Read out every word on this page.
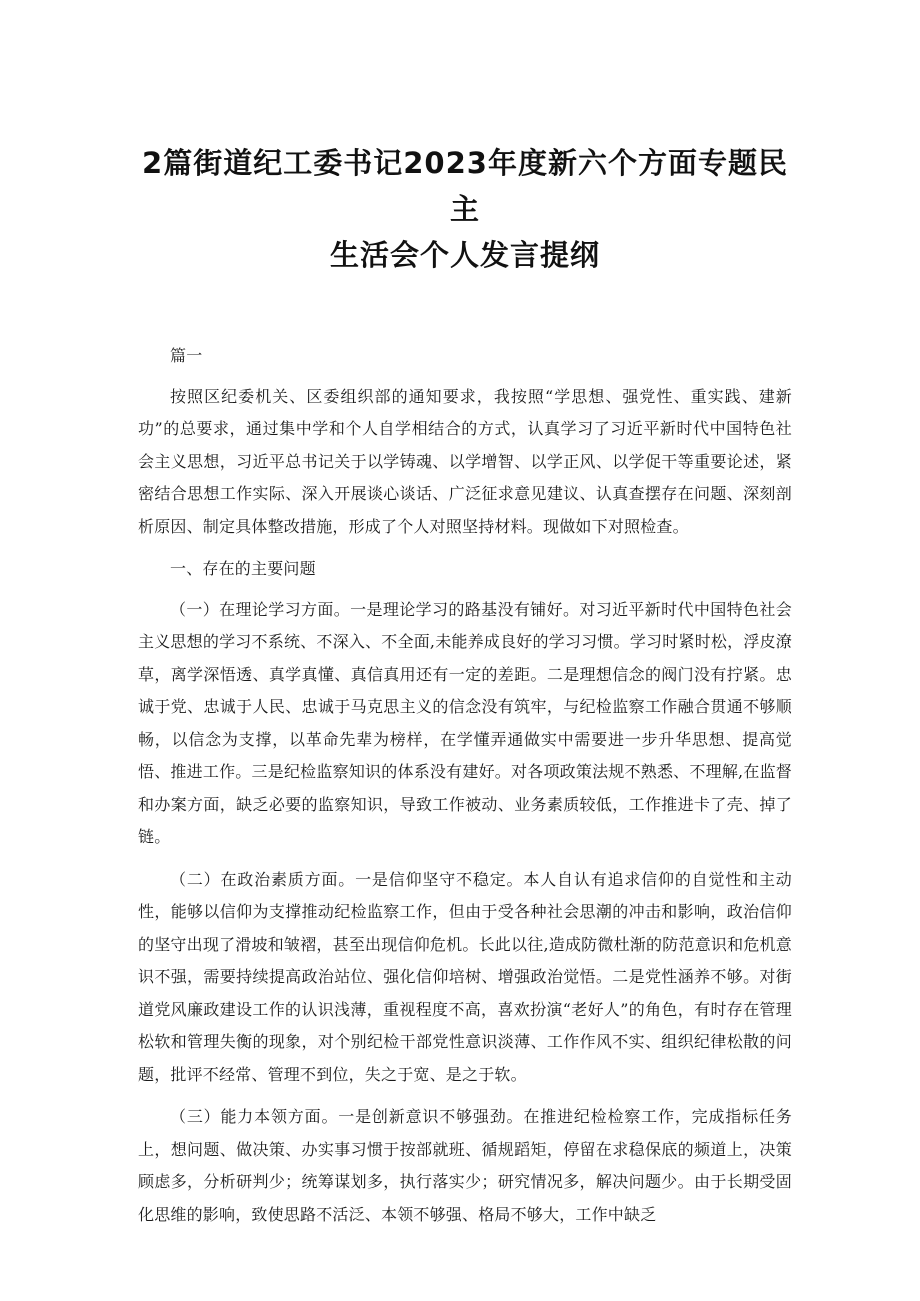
2篇街道纪工委书记2023年度新六个方面专题民主
生活会个人发言提纲

篇一

按照区纪委机关、区委组织部的通知要求，我按照“学思想、强党性、重实践、建新功”的总要求，通过集中学和个人自学相结合的方式，认真学习了习近平新时代中国特色社会主义思想，习近平总书记关于以学铸魂、以学增智、以学正风、以学促干等重要论述，紧密结合思想工作实际、深入开展谈心谈话、广泛征求意见建议、认真查摆存在问题、深刻剖析原因、制定具体整改措施，形成了个人对照坚持材料。现做如下对照检查。

一、存在的主要问题

（一）在理论学习方面。一是理论学习的路基没有铺好。对习近平新时代中国特色社会主义思想的学习不系统、不深入、不全面,未能养成良好的学习习惯。学习时紧时松，浮皮潦草，离学深悟透、真学真懂、真信真用还有一定的差距。二是理想信念的阀门没有拧紧。忠诚于党、忠诚于人民、忠诚于马克思主义的信念没有筑牢，与纪检监察工作融合贯通不够顺畅，以信念为支撑，以革命先辈为榜样，在学懂弄通做实中需要进一步升华思想、提高觉悟、推进工作。三是纪检监察知识的体系没有建好。对各项政策法规不熟悉、不理解,在监督和办案方面，缺乏必要的监察知识，导致工作被动、业务素质较低，工作推进卡了壳、掉了链。

（二）在政治素质方面。一是信仰坚守不稳定。本人自认有追求信仰的自觉性和主动性，能够以信仰为支撑推动纪检监察工作，但由于受各种社会思潮的冲击和影响，政治信仰的坚守出现了滑坡和皱褶，甚至出现信仰危机。长此以往,造成防微杜渐的防范意识和危机意识不强，需要持续提高政治站位、强化信仰培树、增强政治觉悟。二是党性涵养不够。对街道党风廉政建设工作的认识浅薄，重视程度不高，喜欢扮演“老好人”的角色，有时存在管理松软和管理失衡的现象，对个别纪检干部党性意识淡薄、工作作风不实、组织纪律松散的问题，批评不经常、管理不到位，失之于宽、是之于软。

（三）能力本领方面。一是创新意识不够强劲。在推进纪检检察工作，完成指标任务上，想问题、做决策、办实事习惯于按部就班、循规蹈矩，停留在求稳保底的频道上，决策顾虑多，分析研判少；统筹谋划多，执行落实少；研究情况多，解决问题少。由于长期受固化思维的影响，致使思路不活泛、本领不够强、格局不够大，工作中缺乏
